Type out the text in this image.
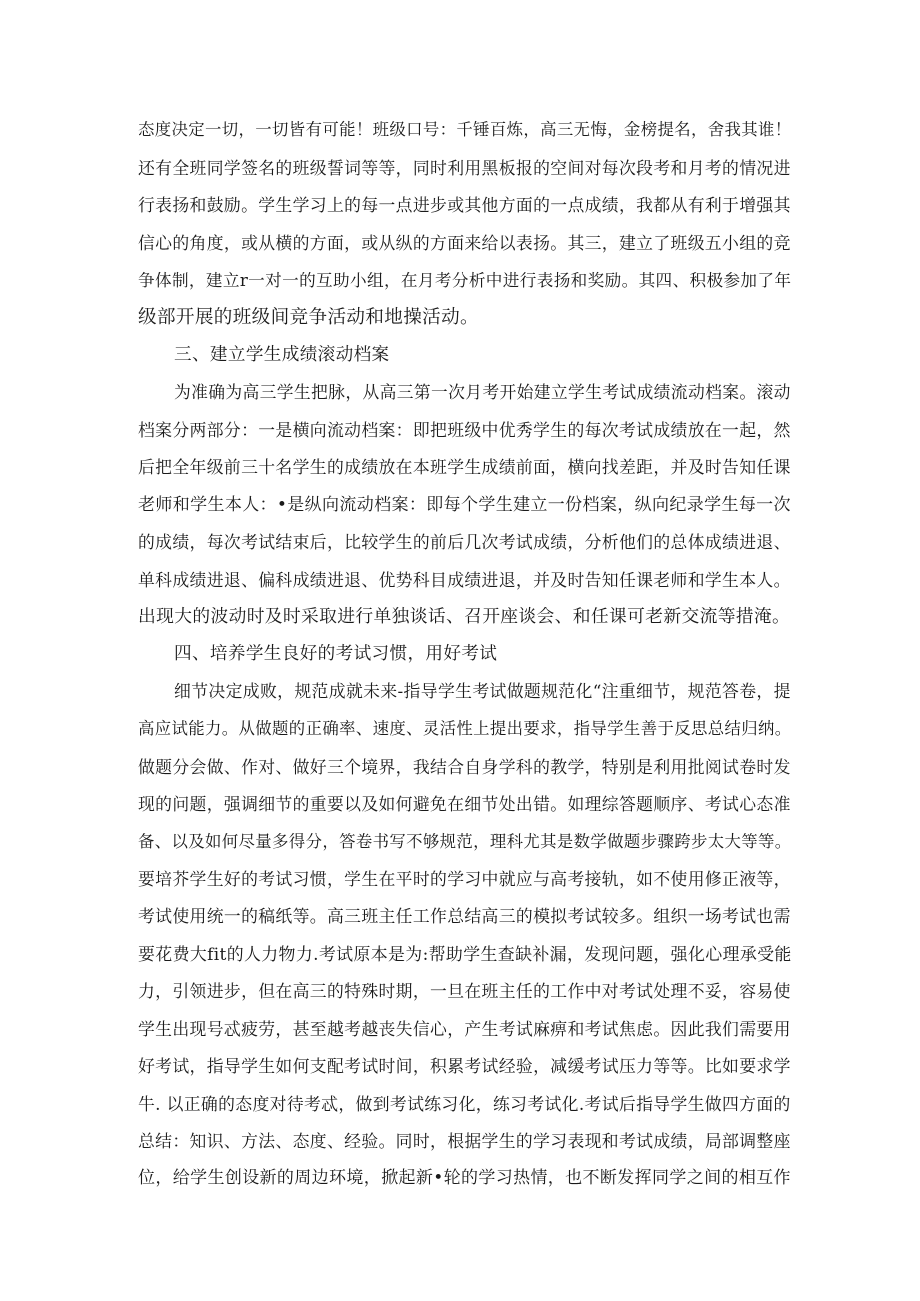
态度决定一切，一切皆有可能！班级口号：千锤百炼，高三无悔，金榜提名，舍我其谁！
还有全班同学签名的班级誓词等等，同时利用黑板报的空间对每次段考和月考的情况进
行表扬和鼓励。学生学习上的每一点进步或其他方面的一点成绩，我都从有利于增强其
信心的角度，或从横的方面，或从纵的方面来给以表扬。其三，建立了班级五小组的竞
争体制，建立r一对一的互助小组，在月考分析中进行表扬和奖励。其四、积极参加了年
级部开展的班级间竞争活动和地操活动。
三、建立学生成绩滚动档案
为准确为高三学生把脉，从高三第一次月考开始建立学生考试成绩流动档案。滚动
档案分两部分：一是横向流动档案：即把班级中优秀学生的每次考试成绩放在一起，然
后把全年级前三十名学生的成绩放在本班学生成绩前面，横向找差距，并及时告知任课
老师和学生本人：•是纵向流动档案：即每个学生建立一份档案，纵向纪录学生每一次
的成绩，每次考试结束后，比较学生的前后几次考试成绩，分析他们的总体成绩进退、
单科成绩进退、偏科成绩进退、优势科目成绩进退，并及时告知任课老师和学生本人。
出现大的波动时及时采取进行单独谈话、召开座谈会、和任课可老新交流等措淹。
四、培养学生良好的考试习惯，用好考试
细节决定成败，规范成就未来-指导学生考试做题规范化“注重细节，规范答卷，提
高应试能力。从做题的正确率、速度、灵活性上提出要求，指导学生善于反思总结归纳。
做题分会做、作对、做好三个境界，我结合自身学科的教学，特别是利用批阅试卷时发
现的问题，强调细节的重要以及如何避免在细节处出错。如理综答题顺序、考试心态准
备、以及如何尽量多得分，答卷书写不够规范，理科尤其是数学做题步骤跨步太大等等。
要培芥学生好的考试习惯，学生在平时的学习中就应与高考接轨，如不使用修正液等，
考试使用统一的稿纸等。高三班主任工作总结高三的模拟考试较多。组织一场考试也需
要花费大fit的人力物力.考试原本是为:帮助学生查缺补漏，发现问题，强化心理承受能
力，引领进步，但在高三的特殊时期，一旦在班主任的工作中对考试处理不妥，容易使
学生出现号忒疲劳，甚至越考越丧失信心，产生考试麻痹和考试焦虑。因此我们需要用
好考试，指导学生如何支配考试时间，积累考试经验，减缓考试压力等等。比如要求学
牛. 以正确的态度对待考忒，做到考试练习化，练习考试化.考试后指导学生做四方面的
总结：知识、方法、态度、经验。同时，根据学生的学习表现和考试成绩，局部调整座
位，给学生创设新的周边环境，掀起新•轮的学习热情，也不断发挥同学之间的相互作
